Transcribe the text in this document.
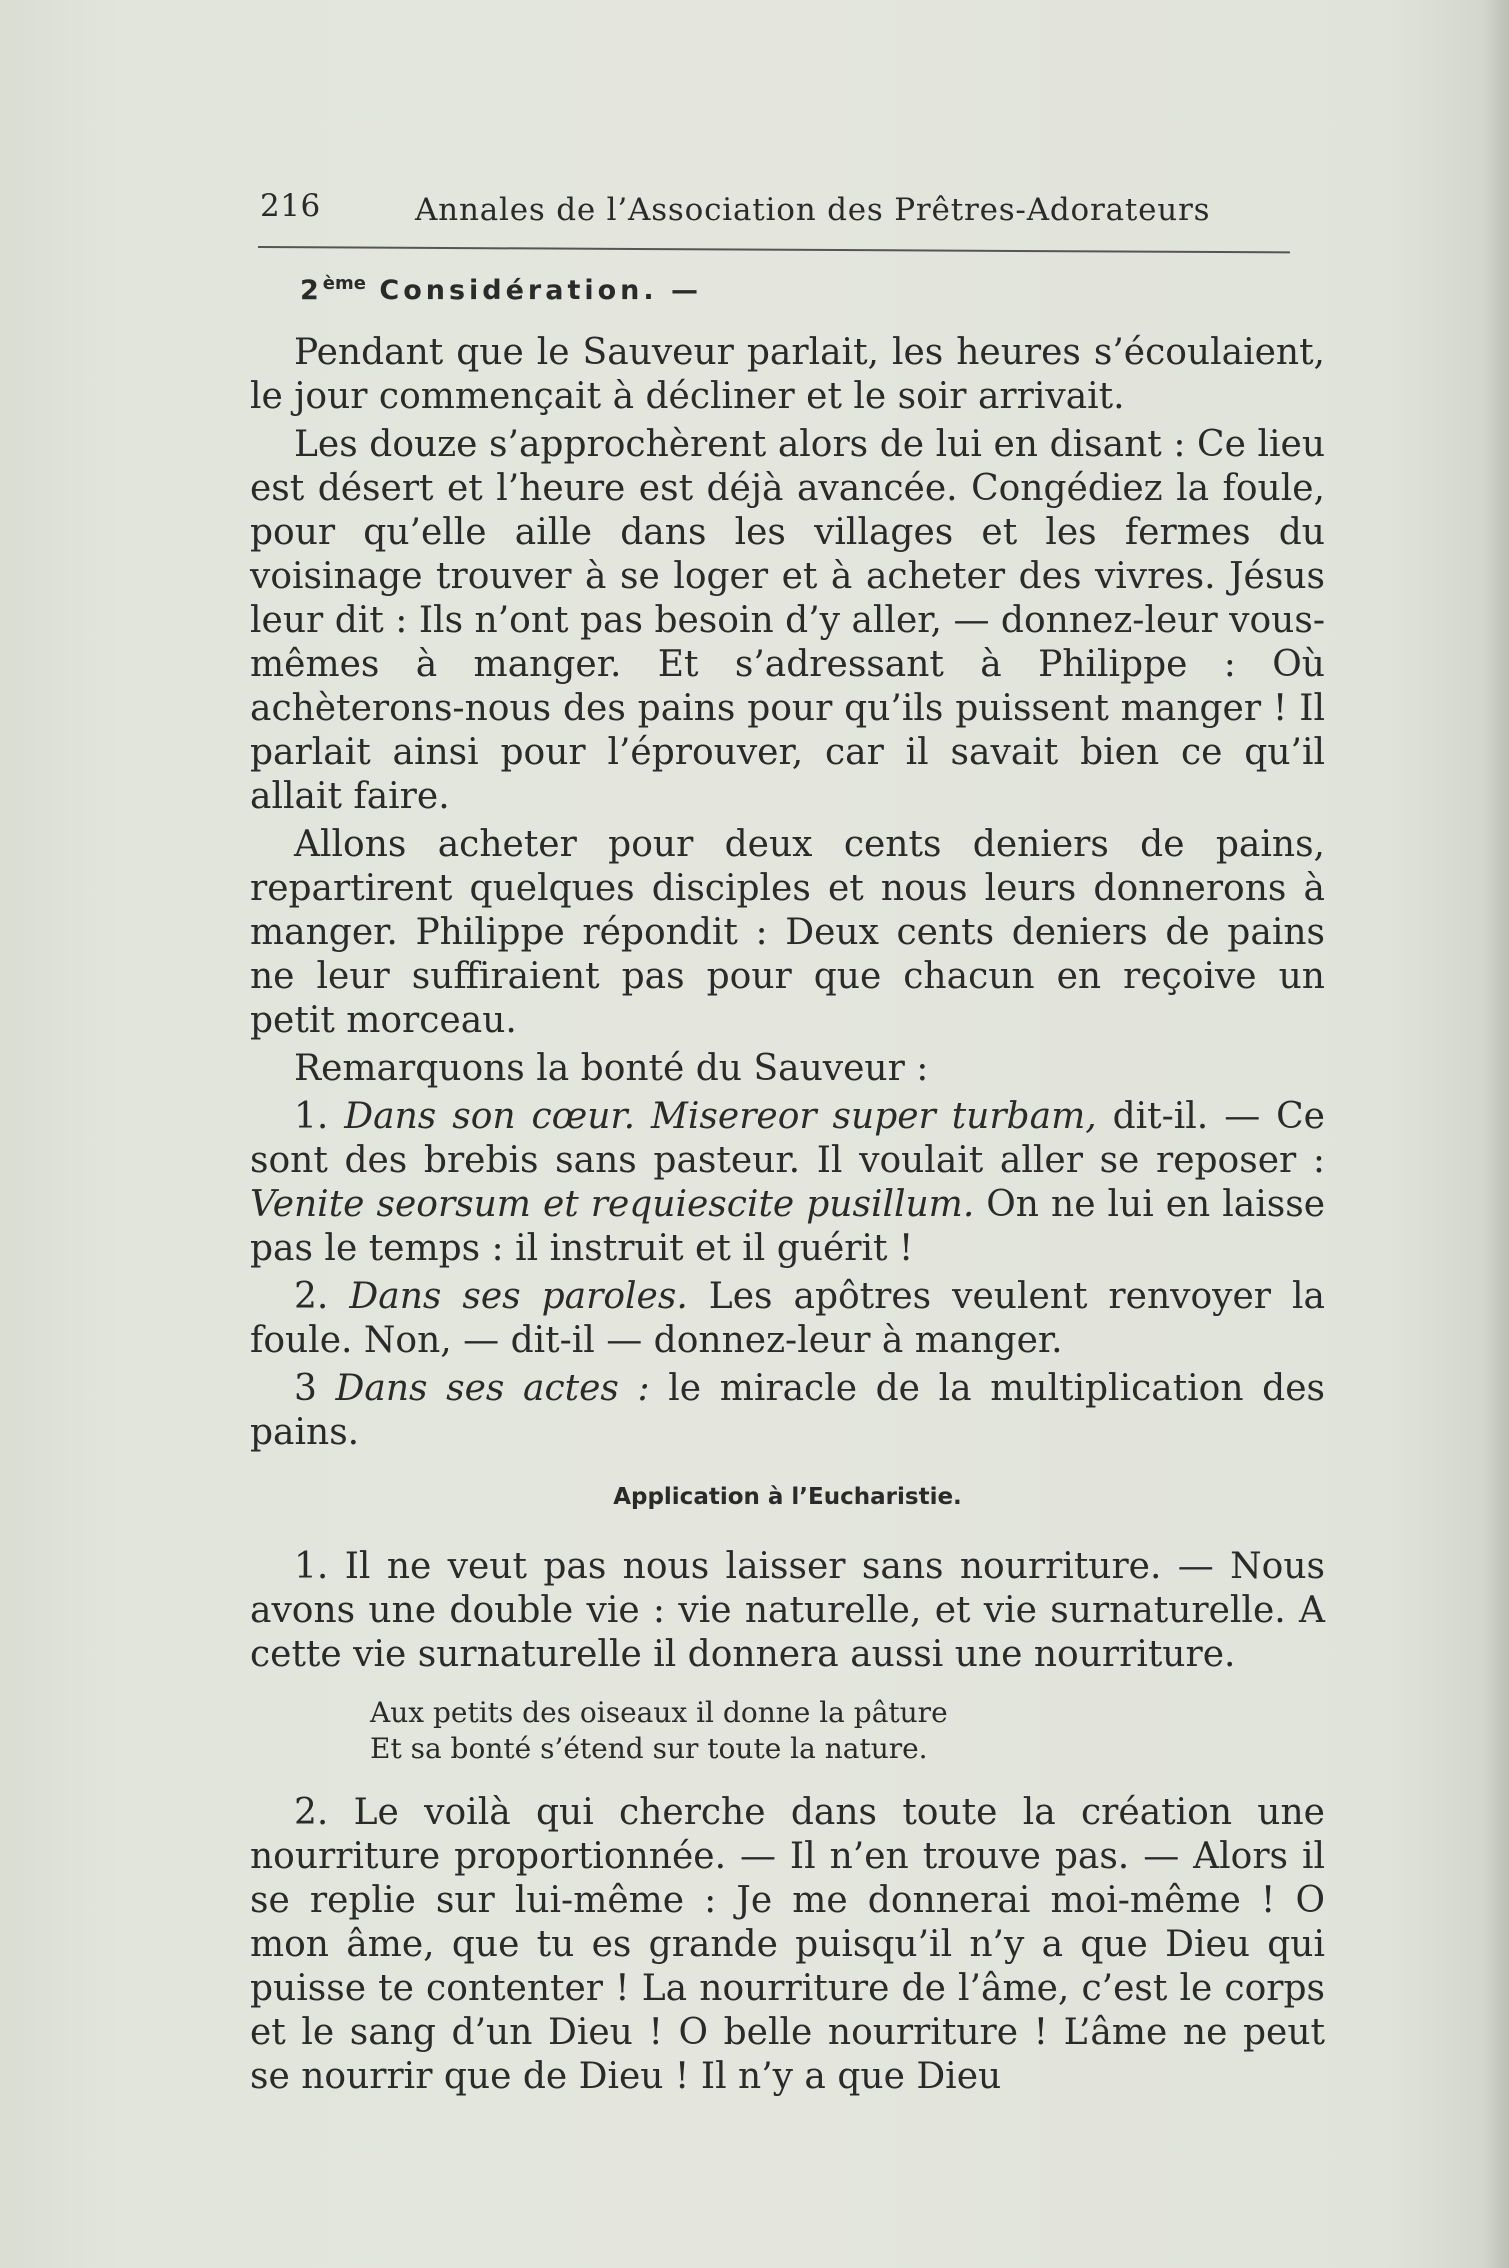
216	Annales de l’Association des Prêtres-Adorateurs
2ème Considération. —

Pendant que le Sauveur parlait, les heures s’écoulaient, le jour commençait à décliner et le soir arrivait.

Les douze s’approchèrent alors de lui en disant : Ce lieu est désert et l’heure est déjà avancée. Congédiez la foule, pour qu’elle aille dans les villages et les fermes du voisinage trouver à se loger et à acheter des vivres. Jésus leur dit : Ils n’ont pas besoin d’y aller, — donnez-leur vous-mêmes à manger. Et s’adressant à Philippe : Où achèterons-nous des pains pour qu’ils puissent manger ! Il parlait ainsi pour l’éprouver, car il savait bien ce qu’il allait faire.

Allons acheter pour deux cents deniers de pains, repartirent quelques disciples et nous leurs donnerons à manger. Philippe répondit : Deux cents deniers de pains ne leur suffiraient pas pour que chacun en reçoive un petit morceau.

Remarquons la bonté du Sauveur :

1. Dans son cœur. Misereor super turbam, dit-il. — Ce sont des brebis sans pasteur. Il voulait aller se reposer : Venite seorsum et requiescite pusillum. On ne lui en laisse pas le temps : il instruit et il guérit !

2. Dans ses paroles. Les apôtres veulent renvoyer la foule. Non, — dit-il — donnez-leur à manger.

3 Dans ses actes : le miracle de la multiplication des pains.

Application à l’Eucharistie.

1. Il ne veut pas nous laisser sans nourriture. — Nous avons une double vie : vie naturelle, et vie surnaturelle. A cette vie surnaturelle il donnera aussi une nourriture.

Aux petits des oiseaux il donne la pâture
Et sa bonté s’étend sur toute la nature.

2. Le voilà qui cherche dans toute la création une nourriture proportionnée. — Il n’en trouve pas. — Alors il se replie sur lui-même : Je me donnerai moi-même ! O mon âme, que tu es grande puisqu’il n’y a que Dieu qui puisse te contenter ! La nourriture de l’âme, c’est le corps et le sang d’un Dieu ! O belle nourriture ! L’âme ne peut se nourrir que de Dieu ! Il n’y a que Dieu
